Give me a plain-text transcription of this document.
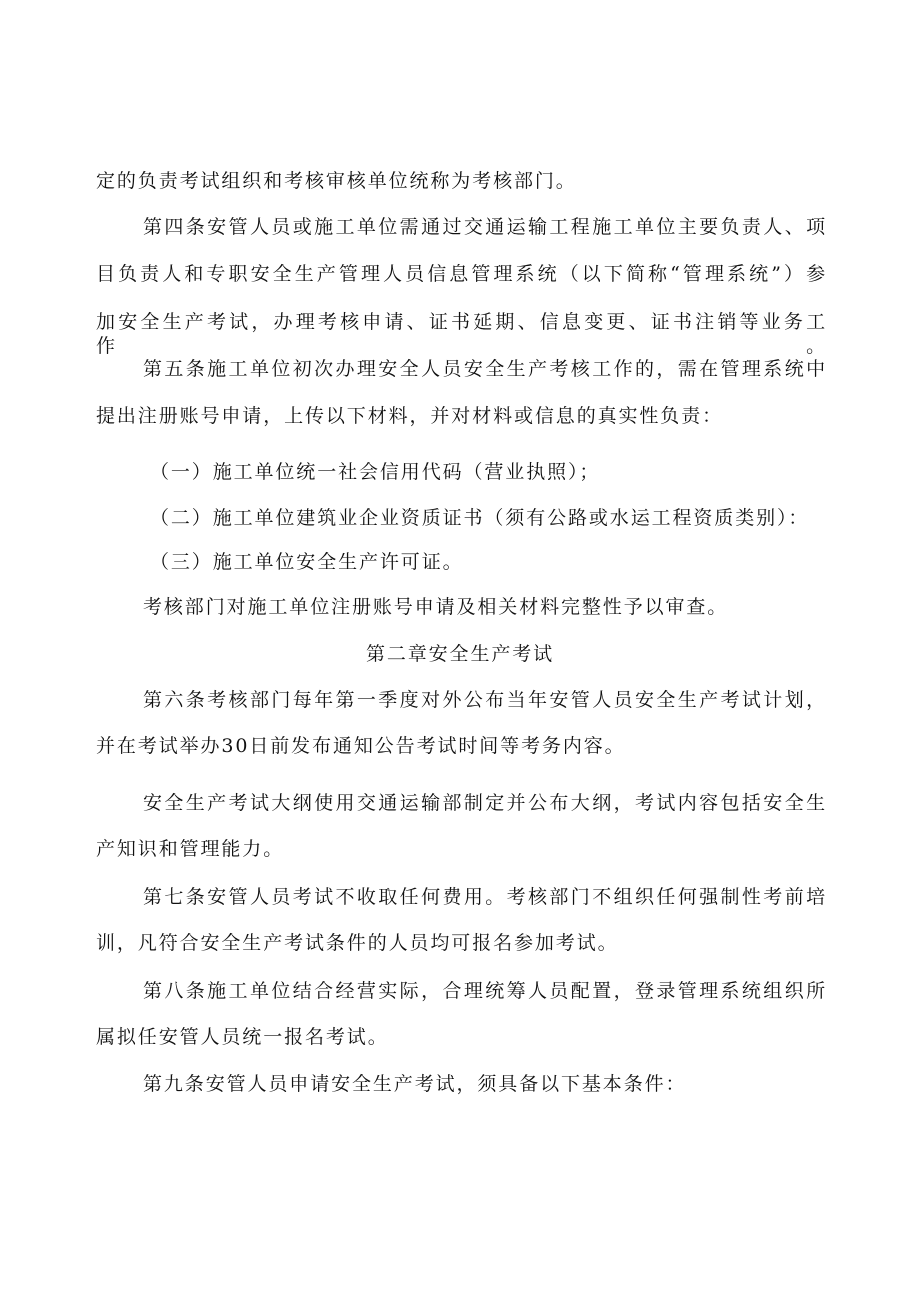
定的负责考试组织和考核审核单位统称为考核部门。
第四条安管人员或施工单位需通过交通运输工程施工单位主要负责人、项
目负责人和专职安全生产管理人员信息管理系统（以下简称“管理系统”）参
加安全生产考试，办理考核申请、证书延期、信息变更、证书注销等业务工作。
第五条施工单位初次办理安全人员安全生产考核工作的，需在管理系统中
提出注册账号申请，上传以下材料，并对材料或信息的真实性负责：
（一）施工单位统一社会信用代码（营业执照）；
（二）施工单位建筑业企业资质证书（须有公路或水运工程资质类别）：
（三）施工单位安全生产许可证。
考核部门对施工单位注册账号申请及相关材料完整性予以审查。
第二章安全生产考试
第六条考核部门每年第一季度对外公布当年安管人员安全生产考试计划，
并在考试举办30日前发布通知公告考试时间等考务内容。
安全生产考试大纲使用交通运输部制定并公布大纲，考试内容包括安全生
产知识和管理能力。
第七条安管人员考试不收取任何费用。考核部门不组织任何强制性考前培
训，凡符合安全生产考试条件的人员均可报名参加考试。
第八条施工单位结合经营实际，合理统筹人员配置，登录管理系统组织所
属拟任安管人员统一报名考试。
第九条安管人员申请安全生产考试，须具备以下基本条件：
